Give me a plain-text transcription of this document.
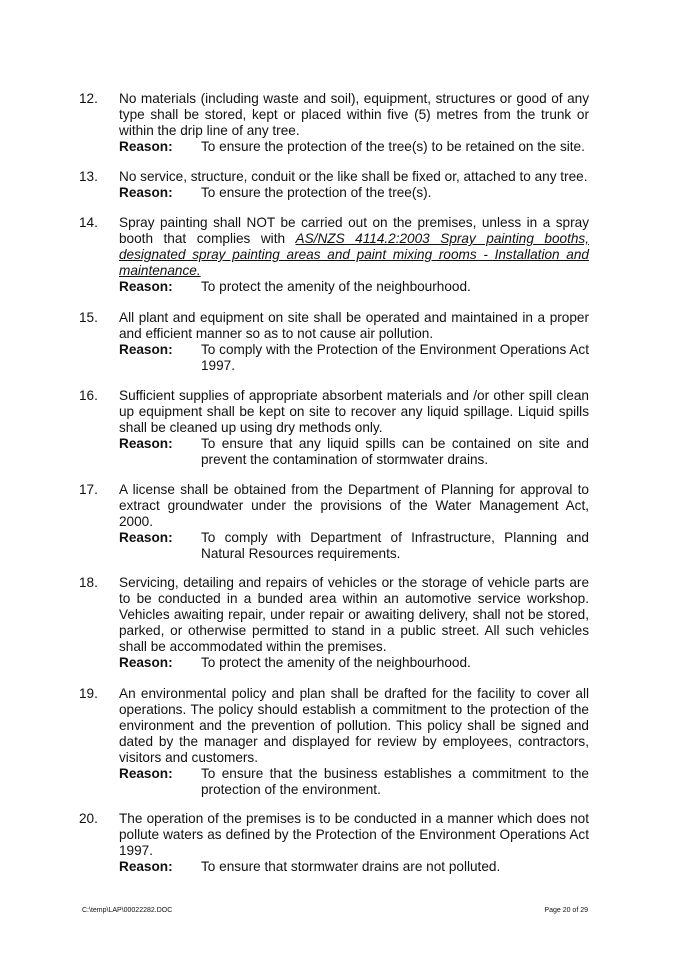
12. No materials (including waste and soil), equipment, structures or good of any type shall be stored, kept or placed within five (5) metres from the trunk or within the drip line of any tree.
Reason: To ensure the protection of the tree(s) to be retained on the site.
13. No service, structure, conduit or the like shall be fixed or, attached to any tree.
Reason: To ensure the protection of the tree(s).
14. Spray painting shall NOT be carried out on the premises, unless in a spray booth that complies with AS/NZS 4114.2:2003 Spray painting booths, designated spray painting areas and paint mixing rooms - Installation and maintenance.
Reason: To protect the amenity of the neighbourhood.
15. All plant and equipment on site shall be operated and maintained in a proper and efficient manner so as to not cause air pollution.
Reason: To comply with the Protection of the Environment Operations Act 1997.
16. Sufficient supplies of appropriate absorbent materials and /or other spill clean up equipment shall be kept on site to recover any liquid spillage. Liquid spills shall be cleaned up using dry methods only.
Reason: To ensure that any liquid spills can be contained on site and prevent the contamination of stormwater drains.
17. A license shall be obtained from the Department of Planning for approval to extract groundwater under the provisions of the Water Management Act, 2000.
Reason: To comply with Department of Infrastructure, Planning and Natural Resources requirements.
18. Servicing, detailing and repairs of vehicles or the storage of vehicle parts are to be conducted in a bunded area within an automotive service workshop. Vehicles awaiting repair, under repair or awaiting delivery, shall not be stored, parked, or otherwise permitted to stand in a public street. All such vehicles shall be accommodated within the premises.
Reason: To protect the amenity of the neighbourhood.
19. An environmental policy and plan shall be drafted for the facility to cover all operations. The policy should establish a commitment to the protection of the environment and the prevention of pollution. This policy shall be signed and dated by the manager and displayed for review by employees, contractors, visitors and customers.
Reason: To ensure that the business establishes a commitment to the protection of the environment.
20. The operation of the premises is to be conducted in a manner which does not pollute waters as defined by the Protection of the Environment Operations Act 1997.
Reason: To ensure that stormwater drains are not polluted.
C:\temp\LAP\00022282.DOC	Page 20 of 29
